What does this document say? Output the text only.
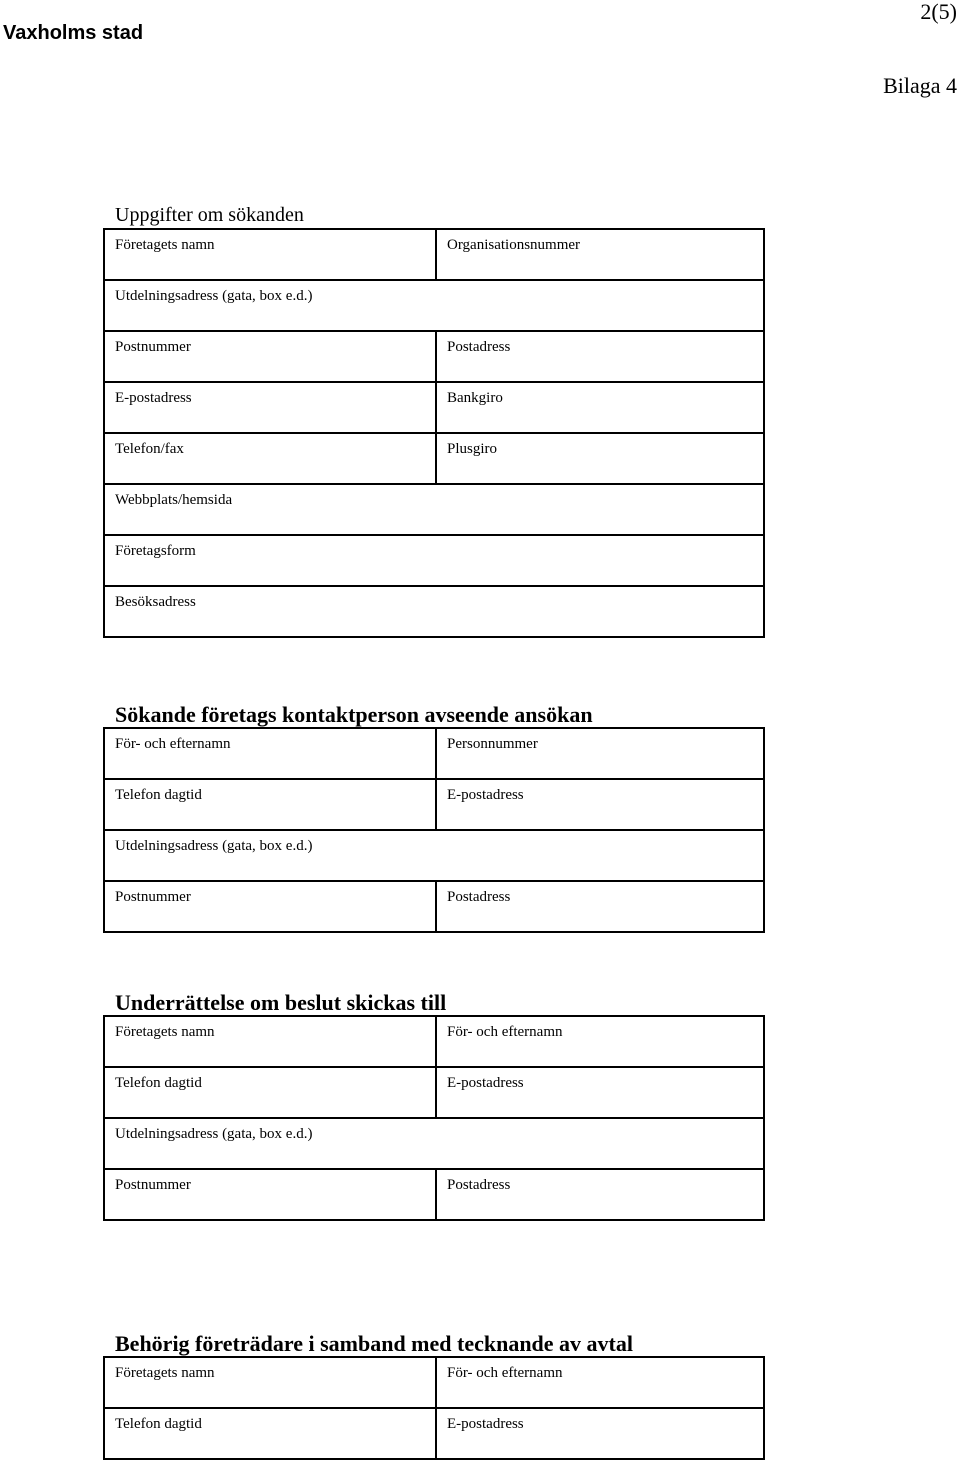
Vaxholms stad
2(5)
Bilaga 4
Uppgifter om sökanden
Företagets namn	Organisationsnummer

Utdelningsadress (gata, box e.d.)	

Postnummer	Postadress

E-postadress	Bankgiro

Telefon/fax	Plusgiro

Webbplats/hemsida	

Företagsform	

Besöksadress	
Sökande företags kontaktperson avseende ansökan
För- och efternamn	Personnummer

Telefon dagtid	E-postadress

Utdelningsadress (gata, box e.d.)	

Postnummer	Postadress
Underrättelse om beslut skickas till
Företagets namn	För- och efternamn

Telefon dagtid	E-postadress

Utdelningsadress (gata, box e.d.)	

Postnummer	Postadress
Behörig företrädare i samband med tecknande av avtal
Företagets namn	För- och efternamn

Telefon dagtid	E-postadress
